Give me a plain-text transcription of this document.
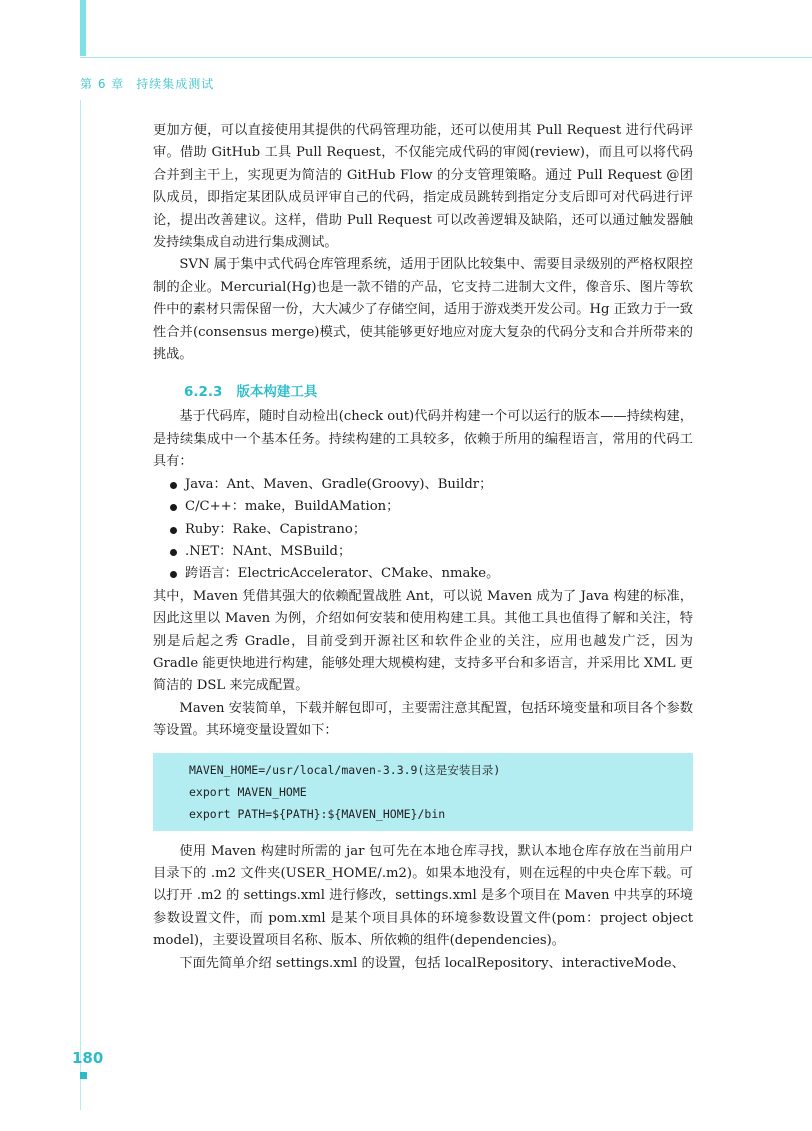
第 6 章 持续集成测试

更加方便，可以直接使用其提供的代码管理功能，还可以使用其 Pull Request 进行代码评审。借助 GitHub 工具 Pull Request，不仅能完成代码的审阅(review)，而且可以将代码合并到主干上，实现更为简洁的 GitHub Flow 的分支管理策略。通过 Pull Request @团队成员，即指定某团队成员评审自己的代码，指定成员跳转到指定分支后即可对代码进行评论，提出改善建议。这样，借助 Pull Request 可以改善逻辑及缺陷，还可以通过触发器触发持续集成自动进行集成测试。

SVN 属于集中式代码仓库管理系统，适用于团队比较集中、需要目录级别的严格权限控制的企业。Mercurial(Hg)也是一款不错的产品，它支持二进制大文件，像音乐、图片等软件中的素材只需保留一份，大大减少了存储空间，适用于游戏类开发公司。Hg 正致力于一致性合并(consensus merge)模式，使其能够更好地应对庞大复杂的代码分支和合并所带来的挑战。

6.2.3 版本构建工具

基于代码库，随时自动检出(check out)代码并构建一个可以运行的版本——持续构建，是持续集成中一个基本任务。持续构建的工具较多，依赖于所用的编程语言，常用的代码工具有：

Java：Ant、Maven、Gradle(Groovy)、Buildr；
C/C++：make，BuildAMation；
Ruby：Rake、Capistrano；
.NET：NAnt、MSBuild；
跨语言：ElectricAccelerator、CMake、nmake。

其中，Maven 凭借其强大的依赖配置战胜 Ant，可以说 Maven 成为了 Java 构建的标准，因此这里以 Maven 为例，介绍如何安装和使用构建工具。其他工具也值得了解和关注，特别是后起之秀 Gradle，目前受到开源社区和软件企业的关注，应用也越发广泛，因为 Gradle 能更快地进行构建，能够处理大规模构建，支持多平台和多语言，并采用比 XML 更简洁的 DSL 来完成配置。

Maven 安装简单，下载并解包即可，主要需注意其配置，包括环境变量和项目各个参数等设置。其环境变量设置如下：

MAVEN_HOME=/usr/local/maven-3.3.9(这是安装目录)
export MAVEN_HOME
export PATH=${PATH}:${MAVEN_HOME}/bin

使用 Maven 构建时所需的 jar 包可先在本地仓库寻找，默认本地仓库存放在当前用户目录下的 .m2 文件夹(USER_HOME/.m2)。如果本地没有，则在远程的中央仓库下载。可以打开 .m2 的 settings.xml 进行修改，settings.xml 是多个项目在 Maven 中共享的环境参数设置文件，而 pom.xml 是某个项目具体的环境参数设置文件(pom：project object model)，主要设置项目名称、版本、所依赖的组件(dependencies)。

下面先简单介绍 settings.xml 的设置，包括 localRepository、interactiveMode、

180
